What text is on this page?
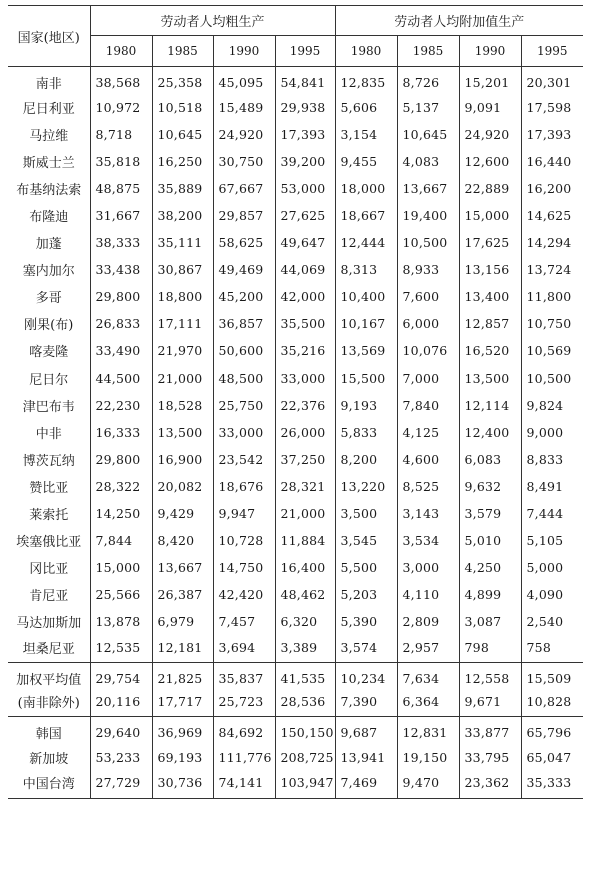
国家(地区)	劳动者人均粗生产				劳动者人均附加值生产			
	1980	1985	1990	1995	1980	1985	1990	1995
南非	38,568	25,358	45,095	54,841	12,835	8,726	15,201	20,301
尼日利亚	10,972	10,518	15,489	29,938	5,606	5,137	9,091	17,598
马拉维	8,718	10,645	24,920	17,393	3,154	10,645	24,920	17,393
斯威士兰	35,818	16,250	30,750	39,200	9,455	4,083	12,600	16,440
布基纳法索	48,875	35,889	67,667	53,000	18,000	13,667	22,889	16,200
布隆迪	31,667	38,200	29,857	27,625	18,667	19,400	15,000	14,625
加蓬	38,333	35,111	58,625	49,647	12,444	10,500	17,625	14,294
塞内加尔	33,438	30,867	49,469	44,069	8,313	8,933	13,156	13,724
多哥	29,800	18,800	45,200	42,000	10,400	7,600	13,400	11,800
刚果(布)	26,833	17,111	36,857	35,500	10,167	6,000	12,857	10,750
喀麦隆	33,490	21,970	50,600	35,216	13,569	10,076	16,520	10,569
尼日尔	44,500	21,000	48,500	33,000	15,500	7,000	13,500	10,500
津巴布韦	22,230	18,528	25,750	22,376	9,193	7,840	12,114	9,824
中非	16,333	13,500	33,000	26,000	5,833	4,125	12,400	9,000
博茨瓦纳	29,800	16,900	23,542	37,250	8,200	4,600	6,083	8,833
赞比亚	28,322	20,082	18,676	28,321	13,220	8,525	9,632	8,491
莱索托	14,250	9,429	9,947	21,000	3,500	3,143	3,579	7,444
埃塞俄比亚	7,844	8,420	10,728	11,884	3,545	3,534	5,010	5,105
冈比亚	15,000	13,667	14,750	16,400	5,500	3,000	4,250	5,000
肯尼亚	25,566	26,387	42,420	48,462	5,203	4,110	4,899	4,090
马达加斯加	13,878	6,979	7,457	6,320	5,390	2,809	3,087	2,540
坦桑尼亚	12,535	12,181	3,694	3,389	3,574	2,957	798	758
加权平均值	29,754	21,825	35,837	41,535	10,234	7,634	12,558	15,509
(南非除外)	20,116	17,717	25,723	28,536	7,390	6,364	9,671	10,828
韩国	29,640	36,969	84,692	150,150	9,687	12,831	33,877	65,796
新加坡	53,233	69,193	111,776	208,725	13,941	19,150	33,795	65,047
中国台湾	27,729	30,736	74,141	103,947	7,469	9,470	23,362	35,333
